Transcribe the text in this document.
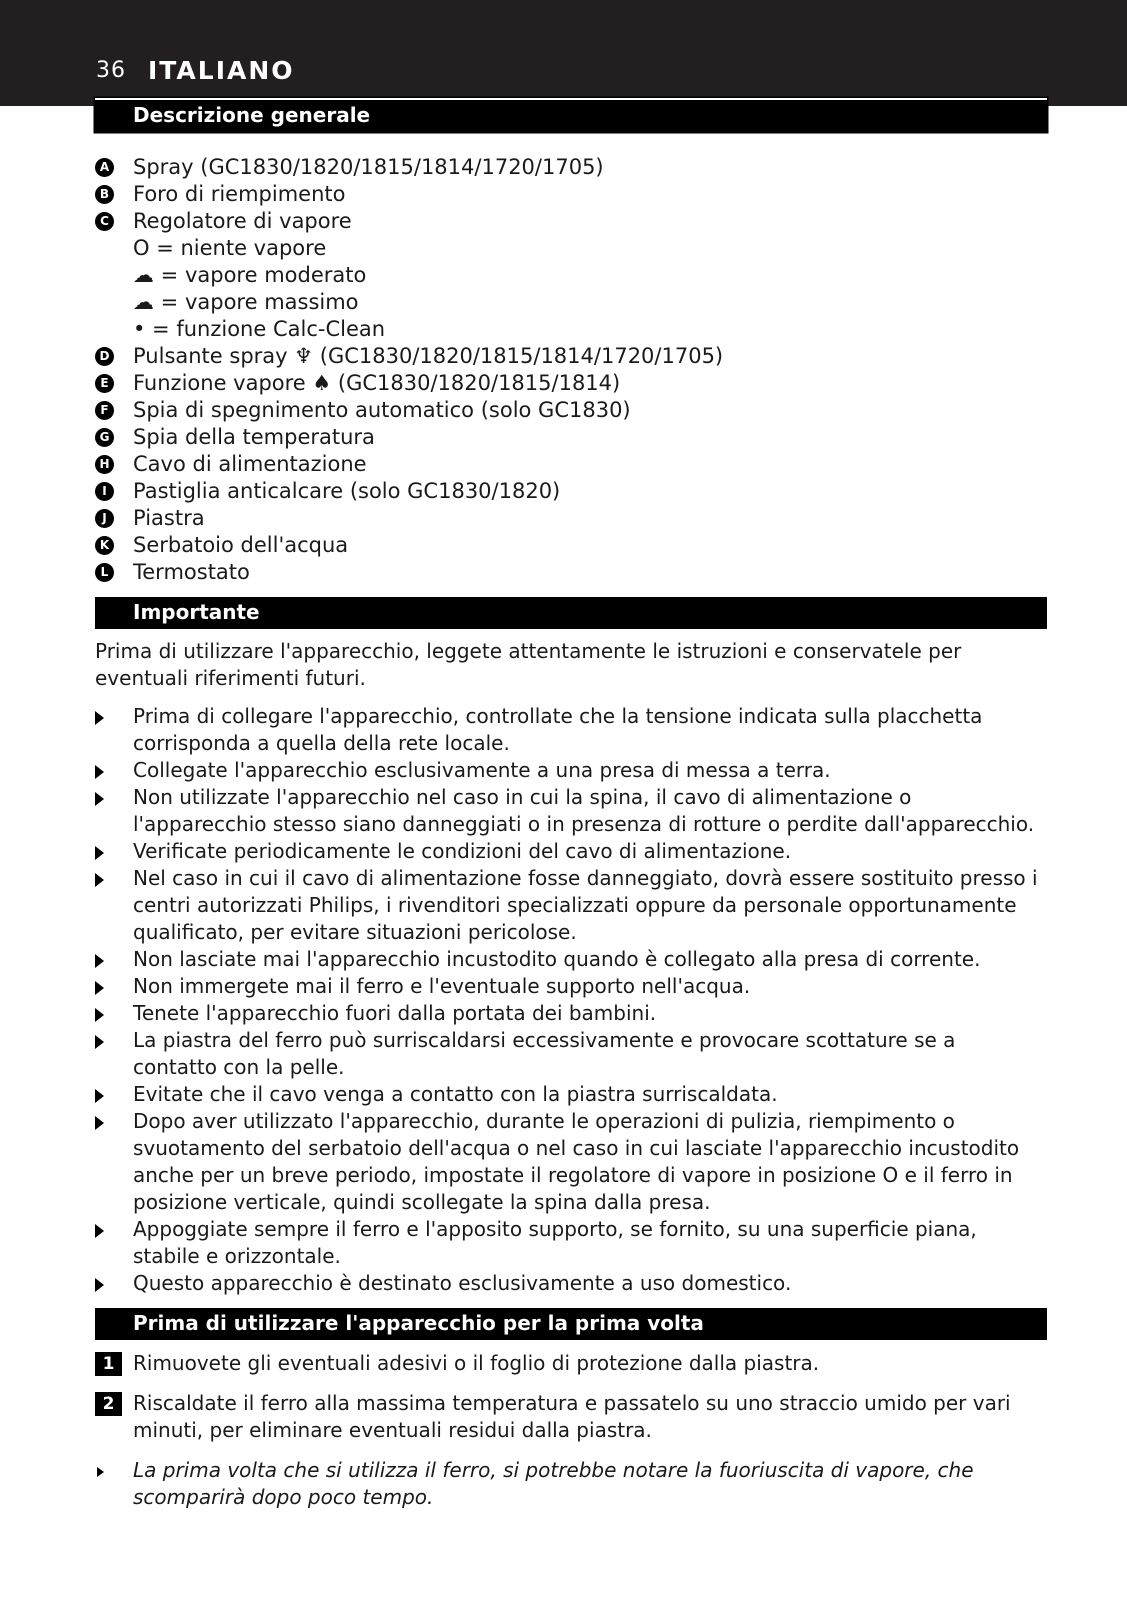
36 ITALIANO
Descrizione generale
A Spray (GC1830/1820/1815/1814/1720/1705)
B Foro di riempimento
C Regolatore di vapore
O = niente vapore
☁ = vapore moderato
☁ = vapore massimo
• = funzione Calc-Clean
D Pulsante spray ♆ (GC1830/1820/1815/1814/1720/1705)
E Funzione vapore ♠ (GC1830/1820/1815/1814)
F Spia di spegnimento automatico (solo GC1830)
G Spia della temperatura
H Cavo di alimentazione
I	Pastiglia anticalcare (solo GC1830/1820)
J	Piastra
K Serbatoio dell'acqua
L Termostato
Importante
Prima di utilizzare l'apparecchio, leggete attentamente le istruzioni e conservatele per eventuali riferimenti futuri.
Prima di collegare l'apparecchio, controllate che la tensione indicata sulla placchetta corrisponda a quella della rete locale.
Collegate l'apparecchio esclusivamente a una presa di messa a terra.
Non utilizzate l'apparecchio nel caso in cui la spina, il cavo di alimentazione o l'apparecchio stesso siano danneggiati o in presenza di rotture o perdite dall'apparecchio.
Verificate periodicamente le condizioni del cavo di alimentazione.
Nel caso in cui il cavo di alimentazione fosse danneggiato, dovrà essere sostituito presso i centri autorizzati Philips, i rivenditori specializzati oppure da personale opportunamente qualificato, per evitare situazioni pericolose.
Non lasciate mai l'apparecchio incustodito quando è collegato alla presa di corrente.
Non immergete mai il ferro e l'eventuale supporto nell'acqua.
Tenete l'apparecchio fuori dalla portata dei bambini.
La piastra del ferro può surriscaldarsi eccessivamente e provocare scottature se a contatto con la pelle.
Evitate che il cavo venga a contatto con la piastra surriscaldata.
Dopo aver utilizzato l'apparecchio, durante le operazioni di pulizia, riempimento o svuotamento del serbatoio dell'acqua o nel caso in cui lasciate l'apparecchio incustodito anche per un breve periodo, impostate il regolatore di vapore in posizione O e il ferro in posizione verticale, quindi scollegate la spina dalla presa.
Appoggiate sempre il ferro e l'apposito supporto, se fornito, su una superficie piana, stabile e orizzontale.
Questo apparecchio è destinato esclusivamente a uso domestico.
Prima di utilizzare l'apparecchio per la prima volta
1 Rimuovete gli eventuali adesivi o il foglio di protezione dalla piastra.
2 Riscaldate il ferro alla massima temperatura e passatelo su uno straccio umido per vari minuti, per eliminare eventuali residui dalla piastra.
La prima volta che si utilizza il ferro, si potrebbe notare la fuoriuscita di vapore, che scomparirà dopo poco tempo.
